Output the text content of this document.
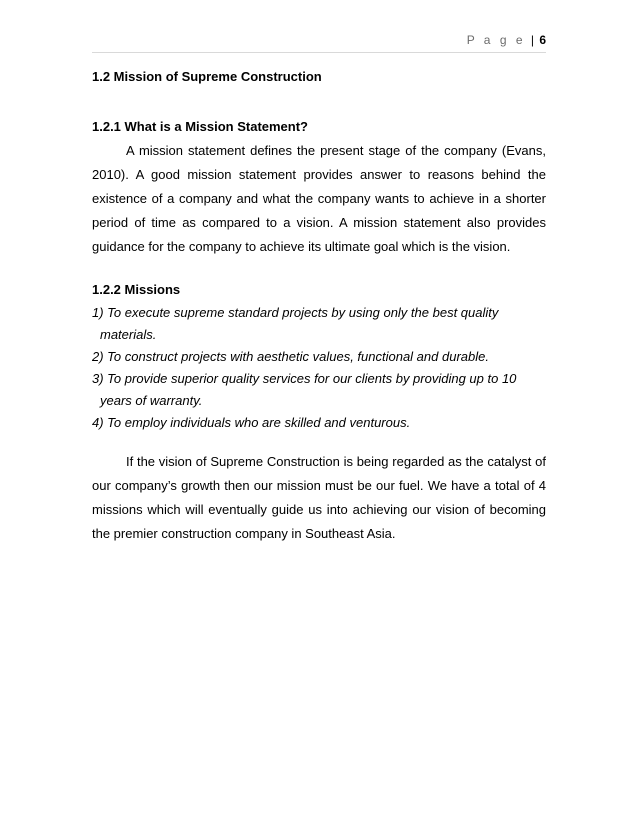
P a g e | 6

1.2 Mission of Supreme Construction

1.2.1 What is a Mission Statement?

A mission statement defines the present stage of the company (Evans, 2010). A good mission statement provides answer to reasons behind the existence of a company and what the company wants to achieve in a shorter period of time as compared to a vision. A mission statement also provides guidance for the company to achieve its ultimate goal which is the vision.

1.2.2 Missions

1) To execute supreme standard projects by using only the best quality materials.
2) To construct projects with aesthetic values, functional and durable.
3) To provide superior quality services for our clients by providing up to 10 years of warranty.
4) To employ individuals who are skilled and venturous.

If the vision of Supreme Construction is being regarded as the catalyst of our company’s growth then our mission must be our fuel. We have a total of 4 missions which will eventually guide us into achieving our vision of becoming the premier construction company in Southeast Asia.
